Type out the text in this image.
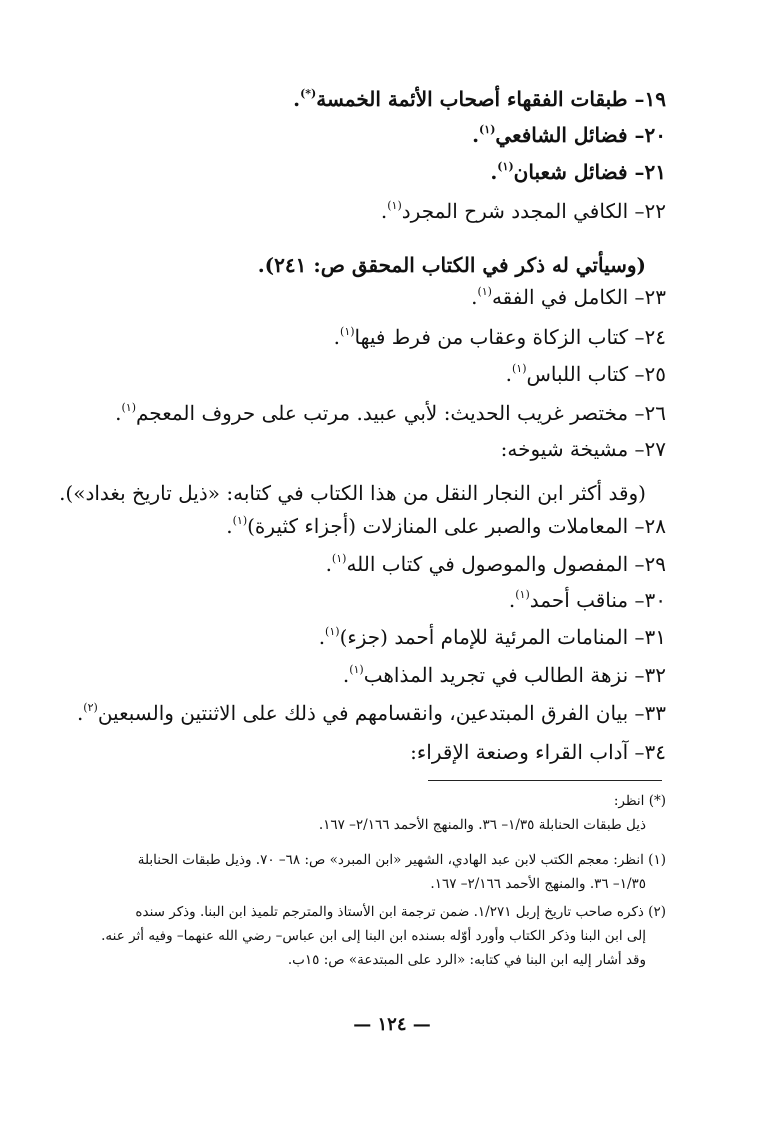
١٩– طبقات الفقهاء أصحاب الأئمة الخمسة(*).
٢٠– فضائل الشافعي$^{(١)}$.
٢١– فضائل شعبان$^{(١)}$.
٢٢– الكافي المجدد شرح المجرد$^{(١)}$.
(وسيأتي له ذكر في الكتاب المحقق ص: ٢٤١).
٢٣– الكامل في الفقه$^{(١)}$.
٢٤– كتاب الزكاة وعقاب من فرط فيها$^{(١)}$.
٢٥– كتاب اللباس$^{(١)}$.
٢٦– مختصر غريب الحديث: لأبي عبيد. مرتب على حروف المعجم$^{(١)}$.
٢٧– مشيخة شيوخه:
(وقد أكثر ابن النجار النقل من هذا الكتاب في كتابه: «ذيل تاريخ بغداد»).
٢٨– المعاملات والصبر على المنازلات (أجزاء كثيرة)$^{(١)}$.
٢٩– المفصول والموصول في كتاب الله$^{(١)}$.
٣٠– مناقب أحمد$^{(١)}$.
٣١– المنامات المرئية للإمام أحمد (جزء)$^{(١)}$.
٣٢– نزهة الطالب في تجريد المذاهب$^{(١)}$.
٣٣– بيان الفرق المبتدعين، وانقسامهم في ذلك على الاثنتين والسبعين$^{(٢)}$.
٣٤– آداب القراء وصنعة الإقراء:
(*) انظر:
ذيل طبقات الحنابلة ١/٣٥– ٣٦. والمنهج الأحمد ٢/١٦٦– ١٦٧.
(١) انظر: معجم الكتب لابن عبد الهادي، الشهير «ابن المبرد» ص: ٦٨– ٧٠. وذيل طبقات الحنابلة
١/٣٥– ٣٦. والمنهج الأحمد ٢/١٦٦– ١٦٧.
(٢) ذكره صاحب تاريخ إربل ١/٢٧١. ضمن ترجمة ابن الأستاذ والمترجم تلميذ ابن البنا. وذكر سنده
إلى ابن البنا وذكر الكتاب وأورد أوّله بسنده ابن البنا إلى ابن عباس– رضي الله عنهما– وفيه أثر عنه.
وقد أشار إليه ابن البنا في كتابه: «الرد على المبتدعة» ص: ١٥ب.
— ١٢٤ —
